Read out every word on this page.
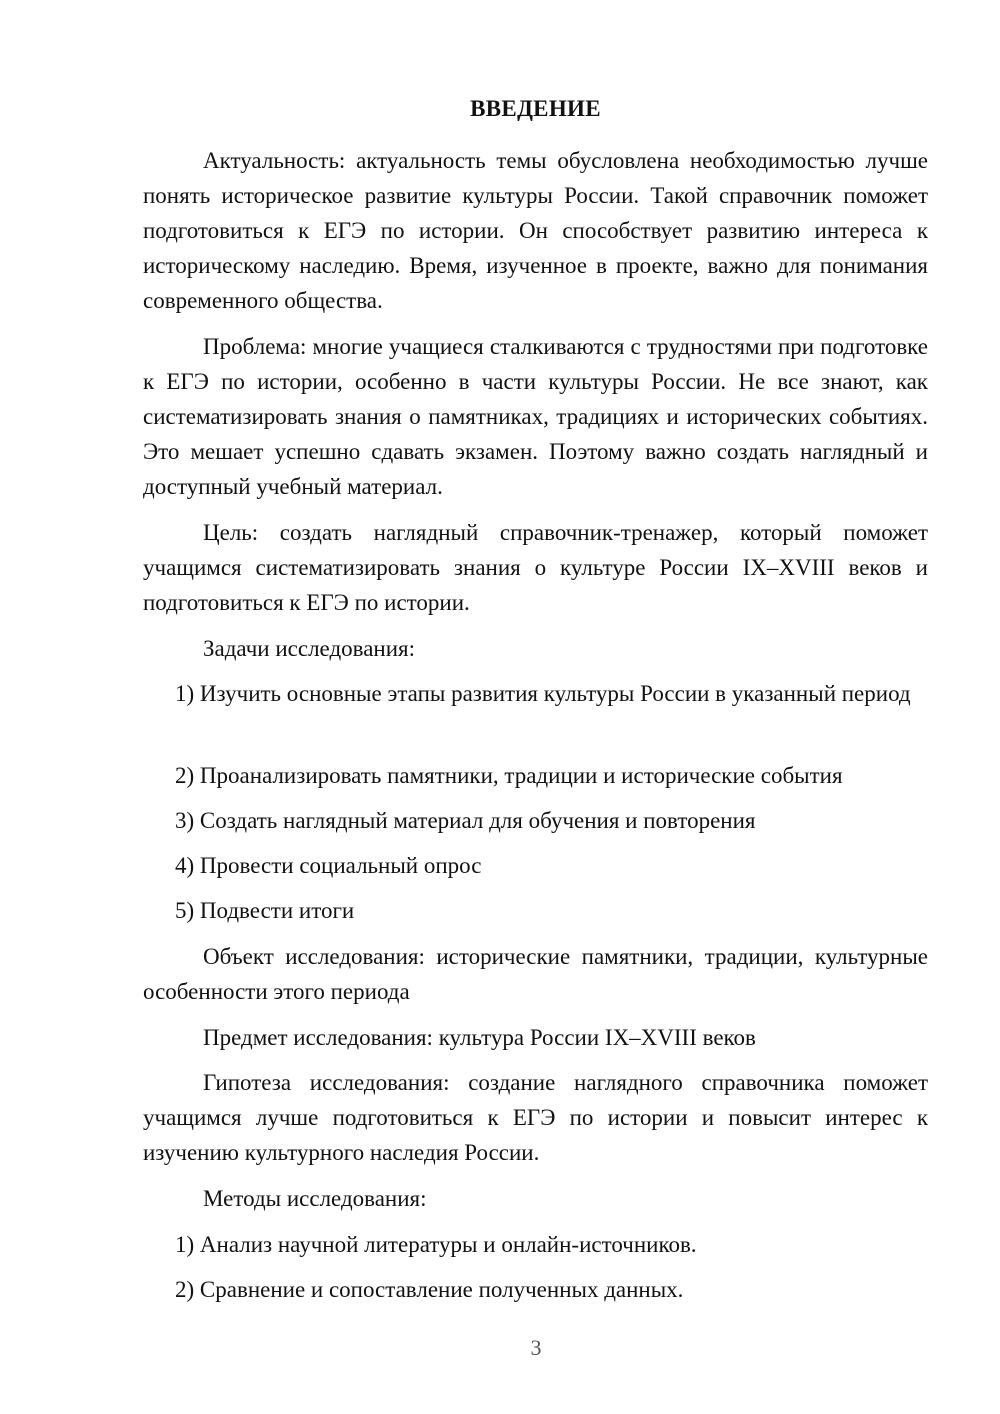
ВВЕДЕНИЕ

Актуальность: актуальность темы обусловлена необходимостью лучше понять историческое развитие культуры России. Такой справочник поможет подготовиться к ЕГЭ по истории. Он способствует развитию интереса к историческому наследию. Время, изученное в проекте, важно для понимания современного общества.

Проблема: многие учащиеся сталкиваются с трудностями при подготовке к ЕГЭ по истории, особенно в части культуры России. Не все знают, как систематизировать знания о памятниках, традициях и исторических событиях. Это мешает успешно сдавать экзамен. Поэтому важно создать наглядный и доступный учебный материал.

Цель: создать наглядный справочник-тренажер, который поможет учащимся систематизировать знания о культуре России IX–XVIII веков и подготовиться к ЕГЭ по истории.

Задачи исследования:

1) Изучить основные этапы развития культуры России в указанный период

2) Проанализировать памятники, традиции и исторические события

3) Создать наглядный материал для обучения и повторения

4) Провести социальный опрос

5) Подвести итоги

Объект исследования: исторические памятники, традиции, культурные особенности этого периода

Предмет исследования: культура России IX–XVIII веков

Гипотеза исследования: создание наглядного справочника поможет учащимся лучше подготовиться к ЕГЭ по истории и повысит интерес к изучению культурного наследия России.

Методы исследования:

1) Анализ научной литературы и онлайн-источников.

2) Сравнение и сопоставление полученных данных.

3
